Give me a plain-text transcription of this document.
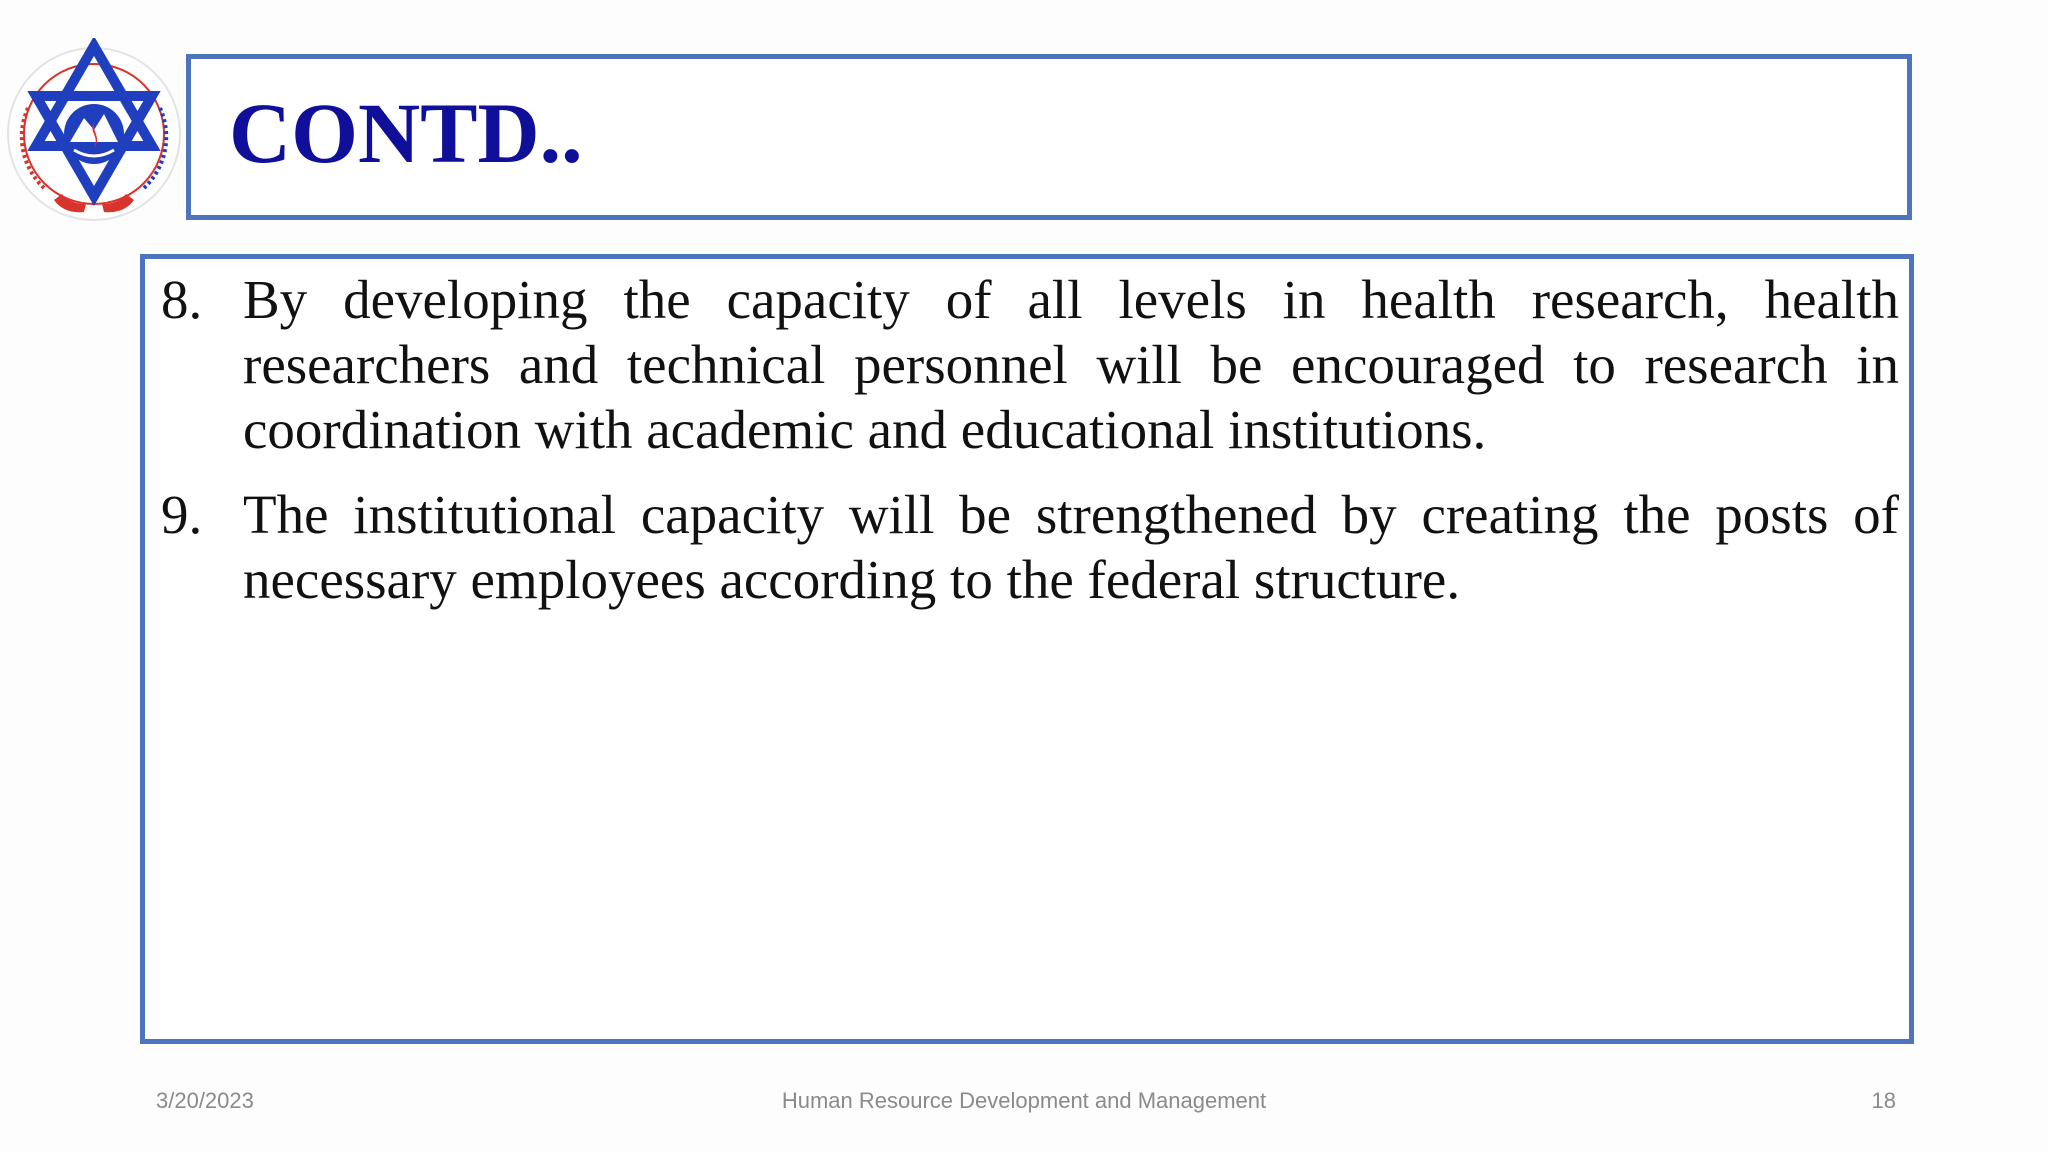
CONTD..
8. By developing the capacity of all levels in health research, health researchers and technical personnel will be encouraged to research in coordination with academic and educational institutions.
9. The institutional capacity will be strengthened by creating the posts of necessary employees according to the federal structure.
3/20/2023	Human Resource Development and Management	18
